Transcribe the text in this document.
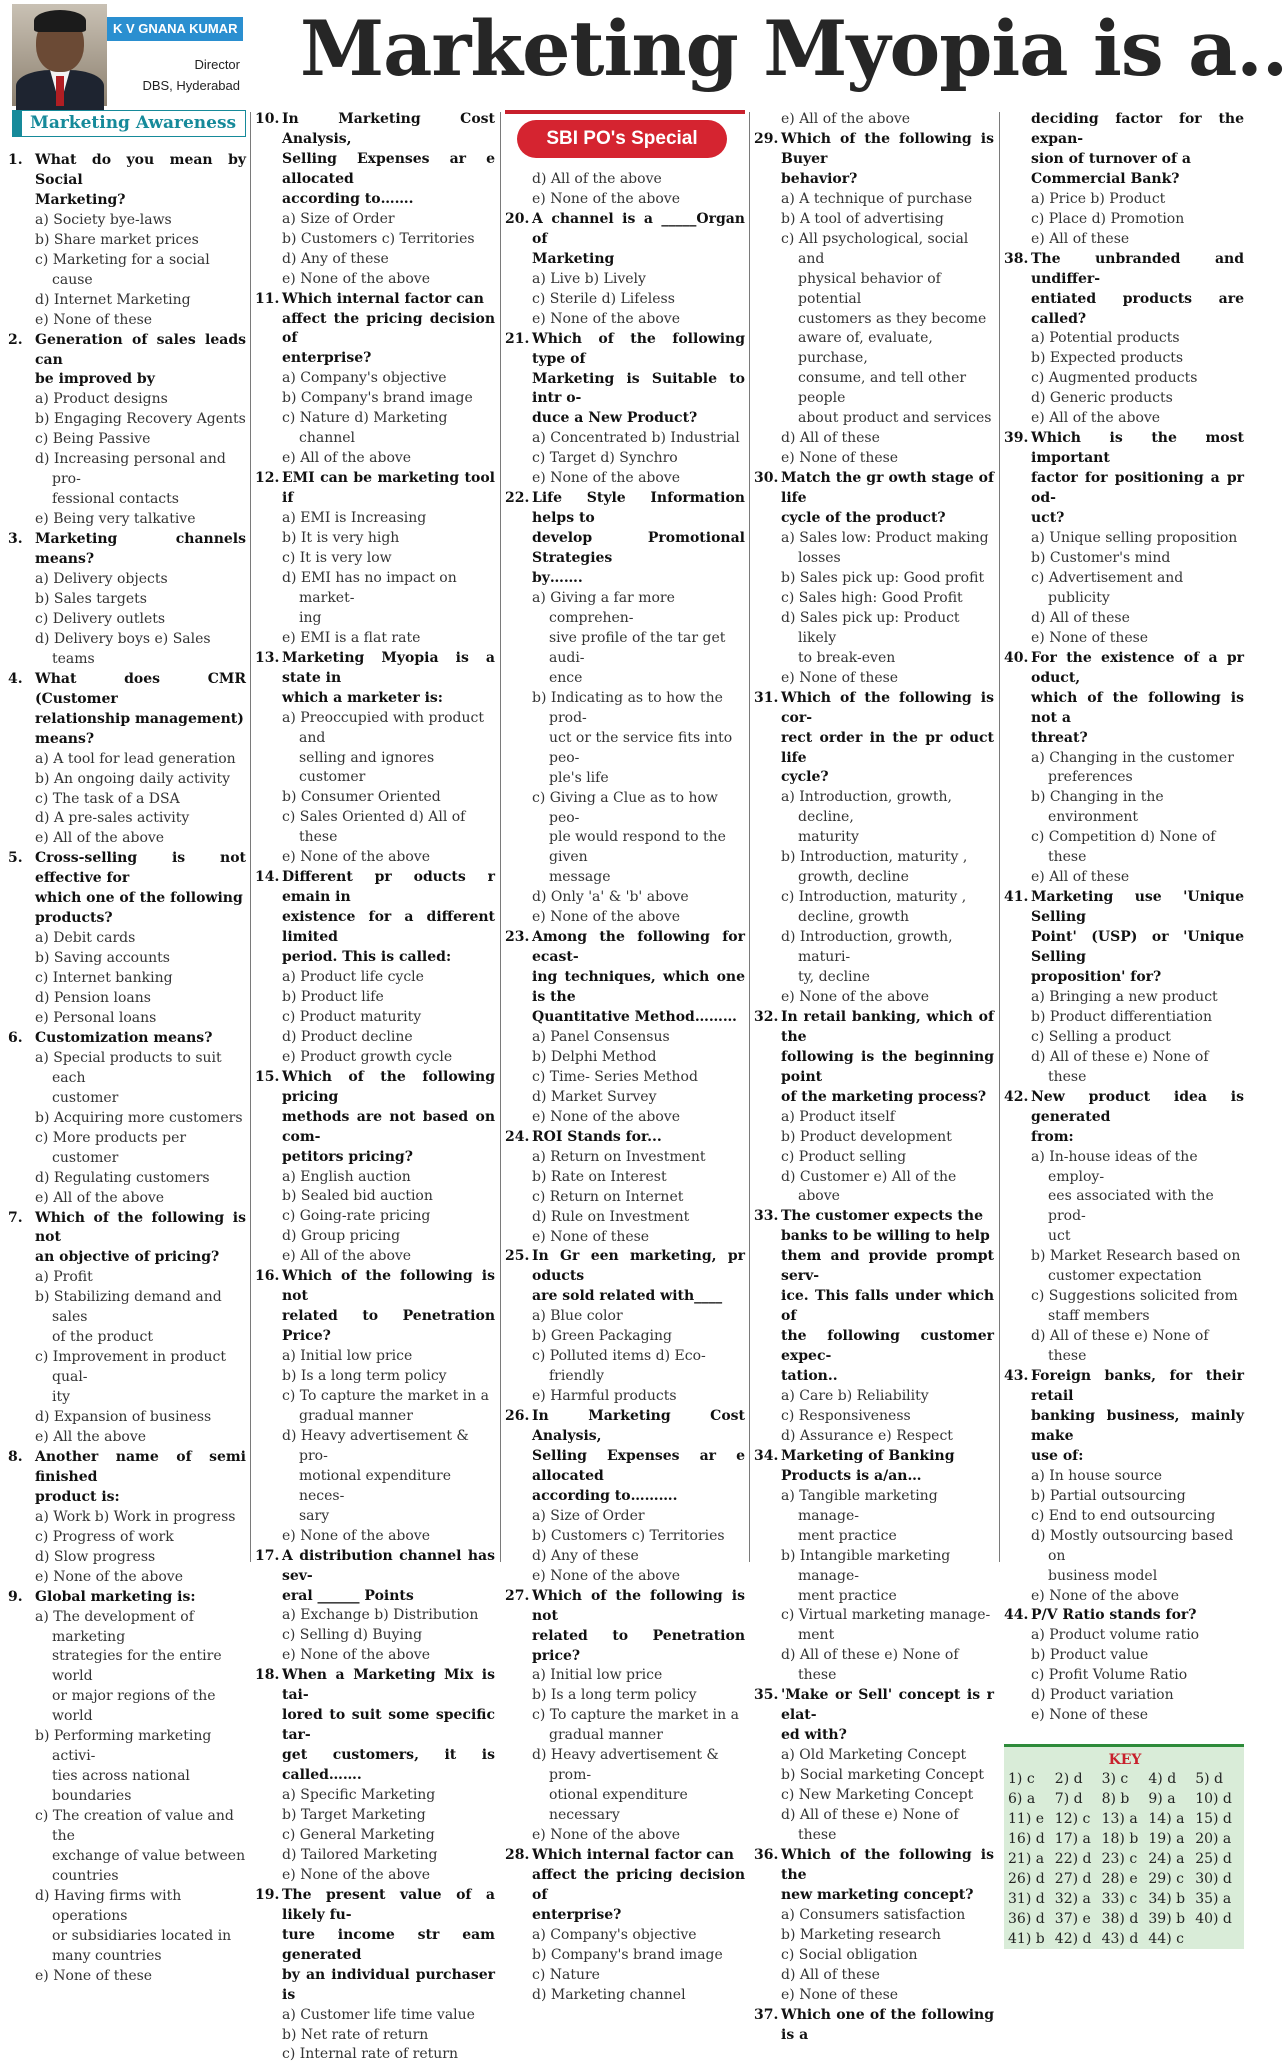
K V GNANA KUMAR
Director
DBS, Hyderabad Marketing Myopia is a..
Marketing Awareness
1. What do you mean by Social
Marketing?
a) Society bye-laws
b) Share market prices
c) Marketing for a social cause
d) Internet Marketing
e) None of these
2. Generation of sales leads can
be improved by
a) Product designs
b) Engaging Recovery Agents
c) Being Passive
d) Increasing personal and pro-
fessional contacts
e) Being very talkative
3. Marketing channels means?
a) Delivery objects
b) Sales targets
c) Delivery outlets
d) Delivery boys e) Sales teams
4. What does CMR (Customer
relationship management)
means?
a) A tool for lead generation
b) An ongoing daily activity
c) The task of a DSA
d) A pre-sales activity
e) All of the above
5. Cross-selling is not effective for
which one of the following
products?
a) Debit cards
b) Saving accounts
c) Internet banking
d) Pension loans
e) Personal loans
6. Customization means?
a) Special products to suit each
customer
b) Acquiring more customers
c) More products per customer
d) Regulating customers
e) All of the above
7. Which of the following is not
an objective of pricing?
a) Profit
b) Stabilizing demand and sales
of the product
c) Improvement in product qual-
ity
d) Expansion of business
e) All the above
8. Another name of semi finished
product is:
a) Work b) Work in progress
c) Progress of work
d) Slow progress
e) None of the above
9. Global marketing is:
a) The development of marketing
strategies for the entire world
or major regions of the world
b) Performing marketing activi-
ties across national boundaries
c) The creation of value and the
exchange of value between
countries
d) Having firms with operations
or subsidiaries located in
many countries
e) None of these
10. In Marketing Cost Analysis,
Selling Expenses ar e allocated
according to…….
a) Size of Order
b) Customers c) Territories
d) Any of these
e) None of the above
11. Which internal factor can
affect the pricing decision of
enterprise?
a) Company's objective
b) Company's brand image
c) Nature d) Marketing channel
e) All of the above
12. EMI can be marketing tool if
a) EMI is Increasing
b) It is very high
c) It is very low
d) EMI has no impact on market-
ing
e) EMI is a flat rate
13. Marketing Myopia is a state in
which a marketer is:
a) Preoccupied with product and
selling and ignores customer
b) Consumer Oriented
c) Sales Oriented d) All of these
e) None of the above
14. Different pr oducts r emain in
existence for a different limited
period. This is called:
a) Product life cycle
b) Product life
c) Product maturity
d) Product decline
e) Product growth cycle
15. Which of the following pricing
methods are not based on com-
petitors pricing?
a) English auction
b) Sealed bid auction
c) Going-rate pricing
d) Group pricing
e) All of the above
16. Which of the following is not
related to Penetration Price?
a) Initial low price
b) Is a long term policy
c) To capture the market in a
gradual manner
d) Heavy advertisement & pro-
motional expenditure neces-
sary
e) None of the above
17. A distribution channel has sev-
eral ______ Points
a) Exchange b) Distribution
c) Selling d) Buying
e) None of the above
18. When a Marketing Mix is tai-
lored to suit some specific tar-
get customers, it is called…….
a) Specific Marketing
b) Target Marketing
c) General Marketing
d) Tailored Marketing
e) None of the above
19. The present value of a likely fu-
ture income str eam generated
by an individual purchaser is
a) Customer life time value
b) Net rate of return
c) Internal rate of return
SBI PO's Special
d) All of the above
e) None of the above
20. A channel is a _____Organ of
Marketing
a) Live b) Lively
c) Sterile d) Lifeless
e) None of the above
21. Which of the following type of
Marketing is Suitable to intr o-
duce a New Product?
a) Concentrated b) Industrial
c) Target d) Synchro
e) None of the above
22. Life Style Information helps to
develop Promotional Strategies
by…….
a) Giving a far more comprehen-
sive profile of the tar get audi-
ence
b) Indicating as to how the prod-
uct or the service fits into peo-
ple's life
c) Giving a Clue as to how peo-
ple would respond to the given
message
d) Only 'a' & 'b' above
e) None of the above
23. Among the following for ecast-
ing techniques, which one is the
Quantitative Method………
a) Panel Consensus
b) Delphi Method
c) Time- Series Method
d) Market Survey
e) None of the above
24. ROI Stands for...
a) Return on Investment
b) Rate on Interest
c) Return on Internet
d) Rule on Investment
e) None of these
25. In Gr een marketing, pr oducts
are sold related with____
a) Blue color
b) Green Packaging
c) Polluted items d) Eco-friendly
e) Harmful products
26. In Marketing Cost Analysis,
Selling Expenses ar e allocated
according to……….
a) Size of Order
b) Customers c) Territories
d) Any of these
e) None of the above
27. Which of the following is not
related to Penetration price?
a) Initial low price
b) Is a long term policy
c) To capture the market in a
gradual manner
d) Heavy advertisement & prom-
otional expenditure necessary
e) None of the above
28. Which internal factor can
affect the pricing decision of
enterprise?
a) Company's objective
b) Company's brand image
c) Nature
d) Marketing channel
e) All of the above
29. Which of the following is Buyer
behavior?
a) A technique of purchase
b) A tool of advertising
c) All psychological, social and
physical behavior of potential
customers as they become
aware of, evaluate, purchase,
consume, and tell other people
about product and services
d) All of these
e) None of these
30. Match the gr owth stage of life
cycle of the product?
a) Sales low: Product making
losses
b) Sales pick up: Good profit
c) Sales high: Good Profit
d) Sales pick up: Product likely
to break-even
e) None of these
31. Which of the following is cor-
rect order in the pr oduct life
cycle?
a) Introduction, growth, decline,
maturity
b) Introduction, maturity ,
growth, decline
c) Introduction, maturity ,
decline, growth
d) Introduction, growth, maturi-
ty, decline
e) None of the above
32. In retail banking, which of the
following is the beginning point
of the marketing process?
a) Product itself
b) Product development
c) Product selling
d) Customer e) All of the above
33. The customer expects the
banks to be willing to help
them and provide prompt serv-
ice. This falls under which of
the following customer expec-
tation..
a) Care b) Reliability
c) Responsiveness
d) Assurance e) Respect
34. Marketing of Banking
Products is a/an…
a) Tangible marketing manage-
ment practice
b) Intangible marketing manage-
ment practice
c) Virtual marketing manage-
ment
d) All of these e) None of these
35. 'Make or Sell' concept is r elat-
ed with?
a) Old Marketing Concept
b) Social marketing Concept
c) New Marketing Concept
d) All of these e) None of these
36. Which of the following is the
new marketing concept?
a) Consumers satisfaction
b) Marketing research
c) Social obligation
d) All of these
e) None of these
37. Which one of the following is a
deciding factor for the expan-
sion of turnover of a
Commercial Bank?
a) Price b) Product
c) Place d) Promotion
e) All of these
38. The unbranded and undiffer-
entiated products are called?
a) Potential products
b) Expected products
c) Augmented products
d) Generic products
e) All of the above
39. Which is the most important
factor for positioning a pr od-
uct?
a) Unique selling proposition
b) Customer's mind
c) Advertisement and publicity
d) All of these
e) None of these
40. For the existence of a pr oduct,
which of the following is not a
threat?
a) Changing in the customer
preferences
b) Changing in the environment
c) Competition d) None of these
e) All of these
41. Marketing use 'Unique Selling
Point' (USP) or 'Unique Selling
proposition' for?
a) Bringing a new product
b) Product differentiation
c) Selling a product
d) All of these e) None of these
42. New product idea is generated
from:
a) In-house ideas of the employ-
ees associated with the prod-
uct
b) Market Research based on
customer expectation
c) Suggestions solicited from
staff members
d) All of these e) None of these
43. Foreign banks, for their retail
banking business, mainly make
use of:
a) In house source
b) Partial outsourcing
c) End to end outsourcing
d) Mostly outsourcing based on
business model
e) None of the above
44. P/V Ratio stands for?
a) Product volume ratio
b) Product value
c) Profit Volume Ratio
d) Product variation
e) None of these
KEY
1) c	2) d	3) c	4) d	5) d
6) a	7) d	8) b	9) a	10) d
11) e 12) c 13) a 14) a 15) d
16) d 17) a 18) b 19) a 20) a
21) a 22) d 23) c 24) a 25) d
26) d 27) d 28) e 29) c 30) d
31) d 32) a 33) c 34) b 35) a
36) d 37) e 38) d 39) b 40) d
41) b 42) d 43) d 44) c
